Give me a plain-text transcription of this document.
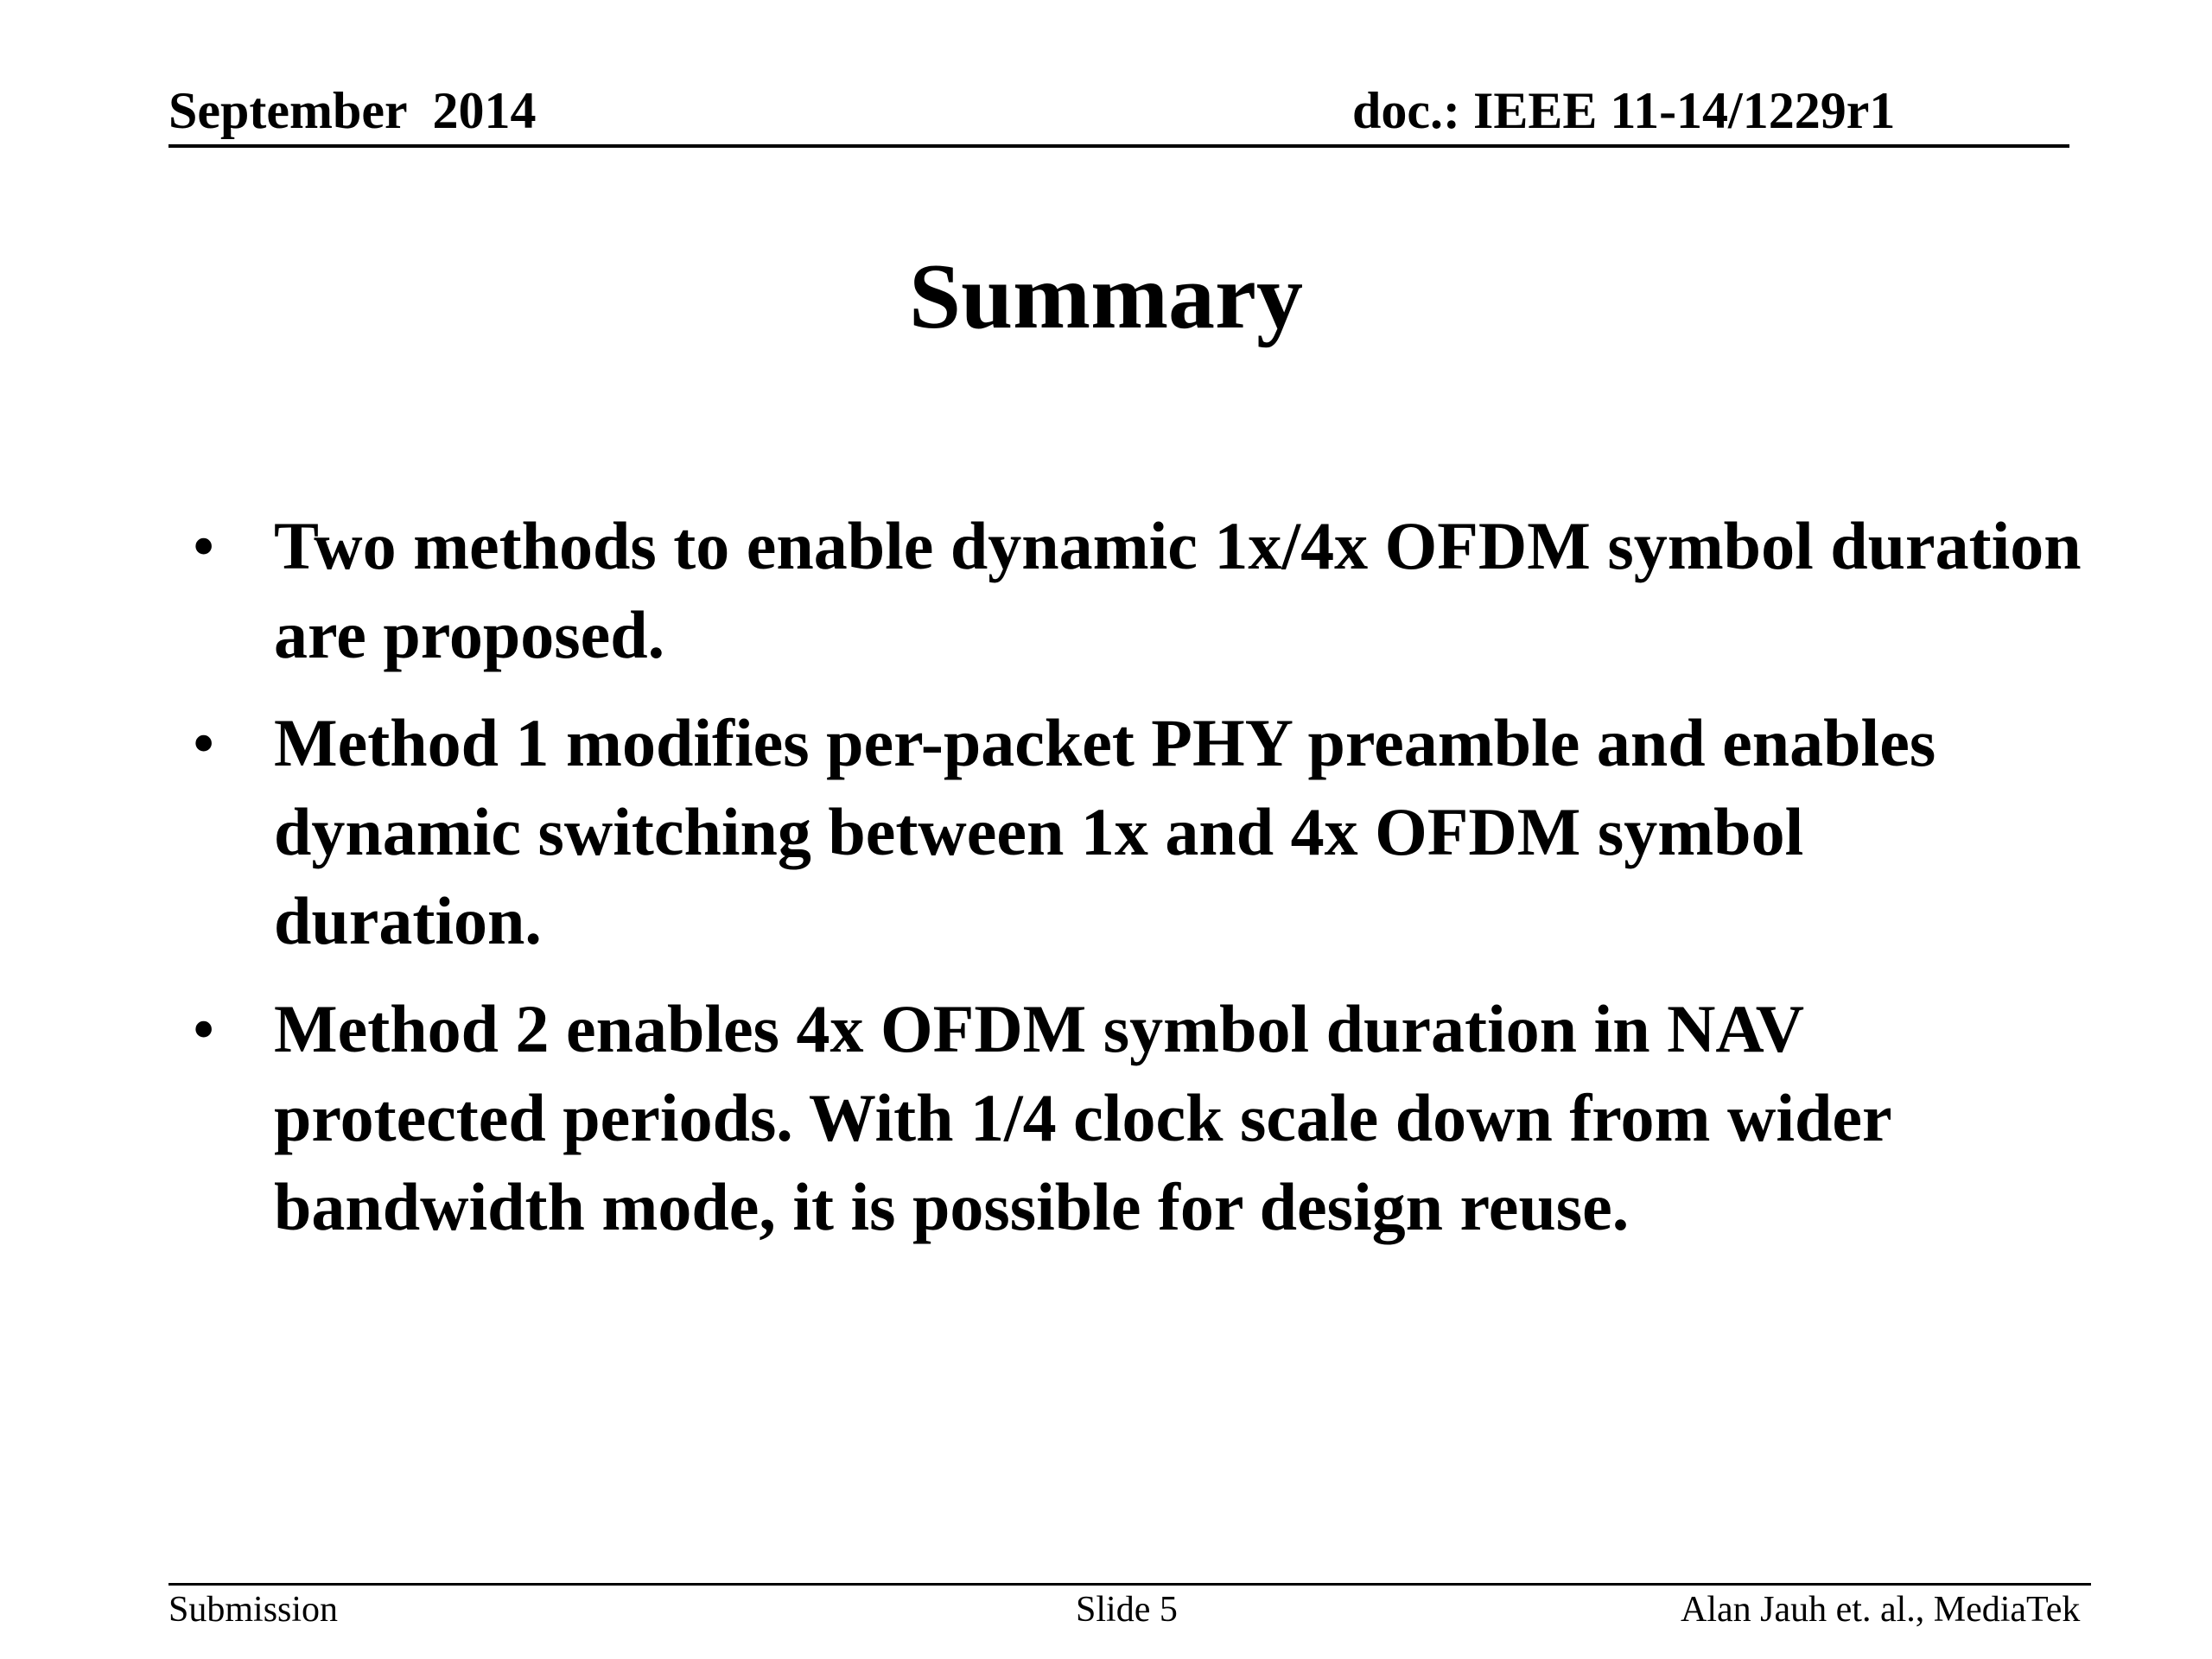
September  2014	doc.: IEEE 11-14/1229r1
Summary
• Two methods to enable dynamic 1x/4x OFDM symbol duration are proposed.
• Method 1 modifies per-packet PHY preamble and enables dynamic switching between 1x and 4x OFDM symbol duration.
• Method 2 enables 4x OFDM symbol duration in NAV protected periods. With 1/4 clock scale down from wider bandwidth mode, it is possible for design reuse.
Submission	Slide 5	Alan Jauh et. al., MediaTek
